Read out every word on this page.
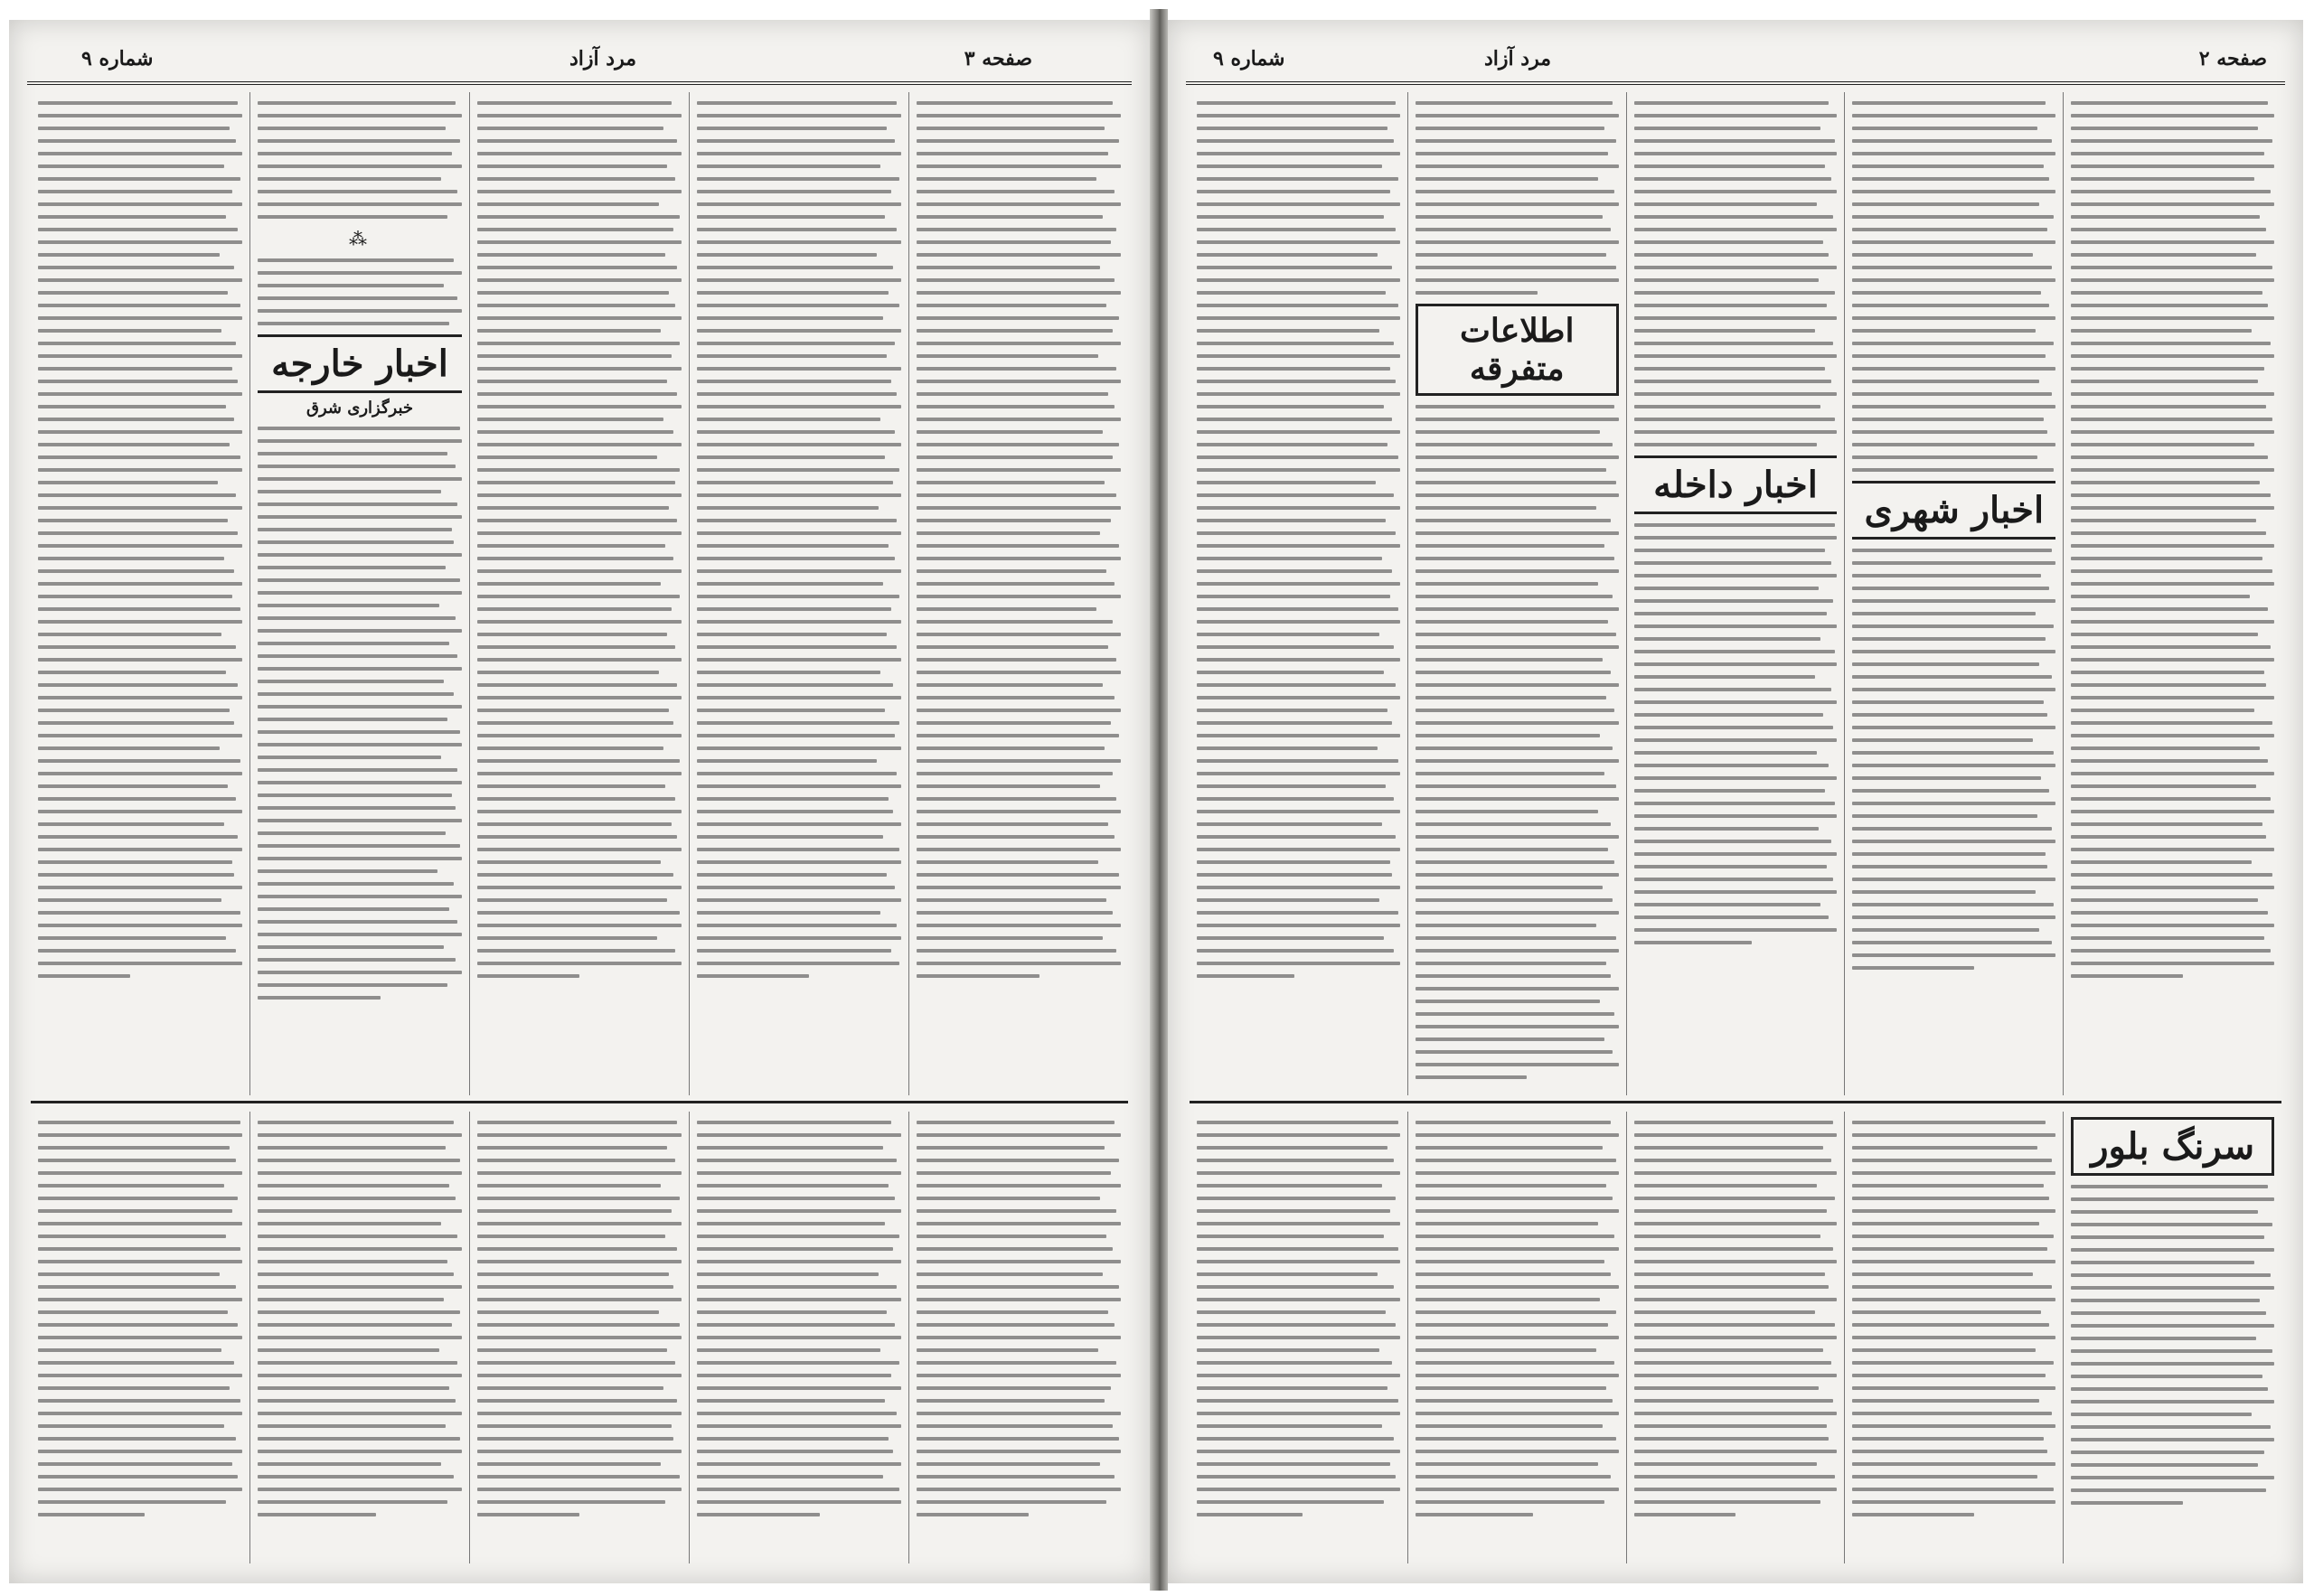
شماره ۹	مرد آزاد	صفحه ۳
⁂
اخبار خارجه
خبرگزاری شرق
شماره ۹	مرد آزاد	صفحه ۲
اخبار شهری
اخبار داخله
اطلاعات متفرقه
سرنگ بلور
